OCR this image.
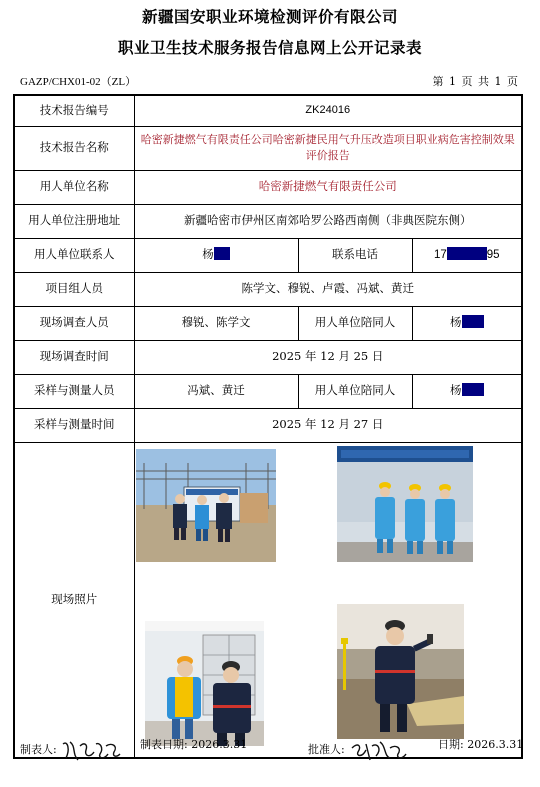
新疆国安职业环境检测评价有限公司
职业卫生技术服务报告信息网上公开记录表
GAZP/CHX01-02（ZL）	第 1 页 共 1 页
技术报告编号	ZK24016		
技术报告名称	哈密新捷燃气有限责任公司哈密新捷民用气升压改造项目职业病危害控制效果评价报告		
用人单位名称	哈密新捷燃气有限责任公司		
用人单位注册地址	新疆哈密市伊州区南郊哈罗公路西南侧（非典医院东侧）		
用人单位联系人	杨	联系电话	17 95
项目组人员	陈学文、穆锐、卢霞、冯斌、黄迁		
现场调查人员	穆锐、陈学文	用人单位陪同人	杨
现场调查时间	2025 年 12 月 25 日		
采样与测量人员	冯斌、黄迁	用人单位陪同人	杨
采样与测量时间	2025 年 12 月 27 日		
现场照片	
制表人:	制表日期: 2026.3.31	批准人:	日期: 2026.3.31
